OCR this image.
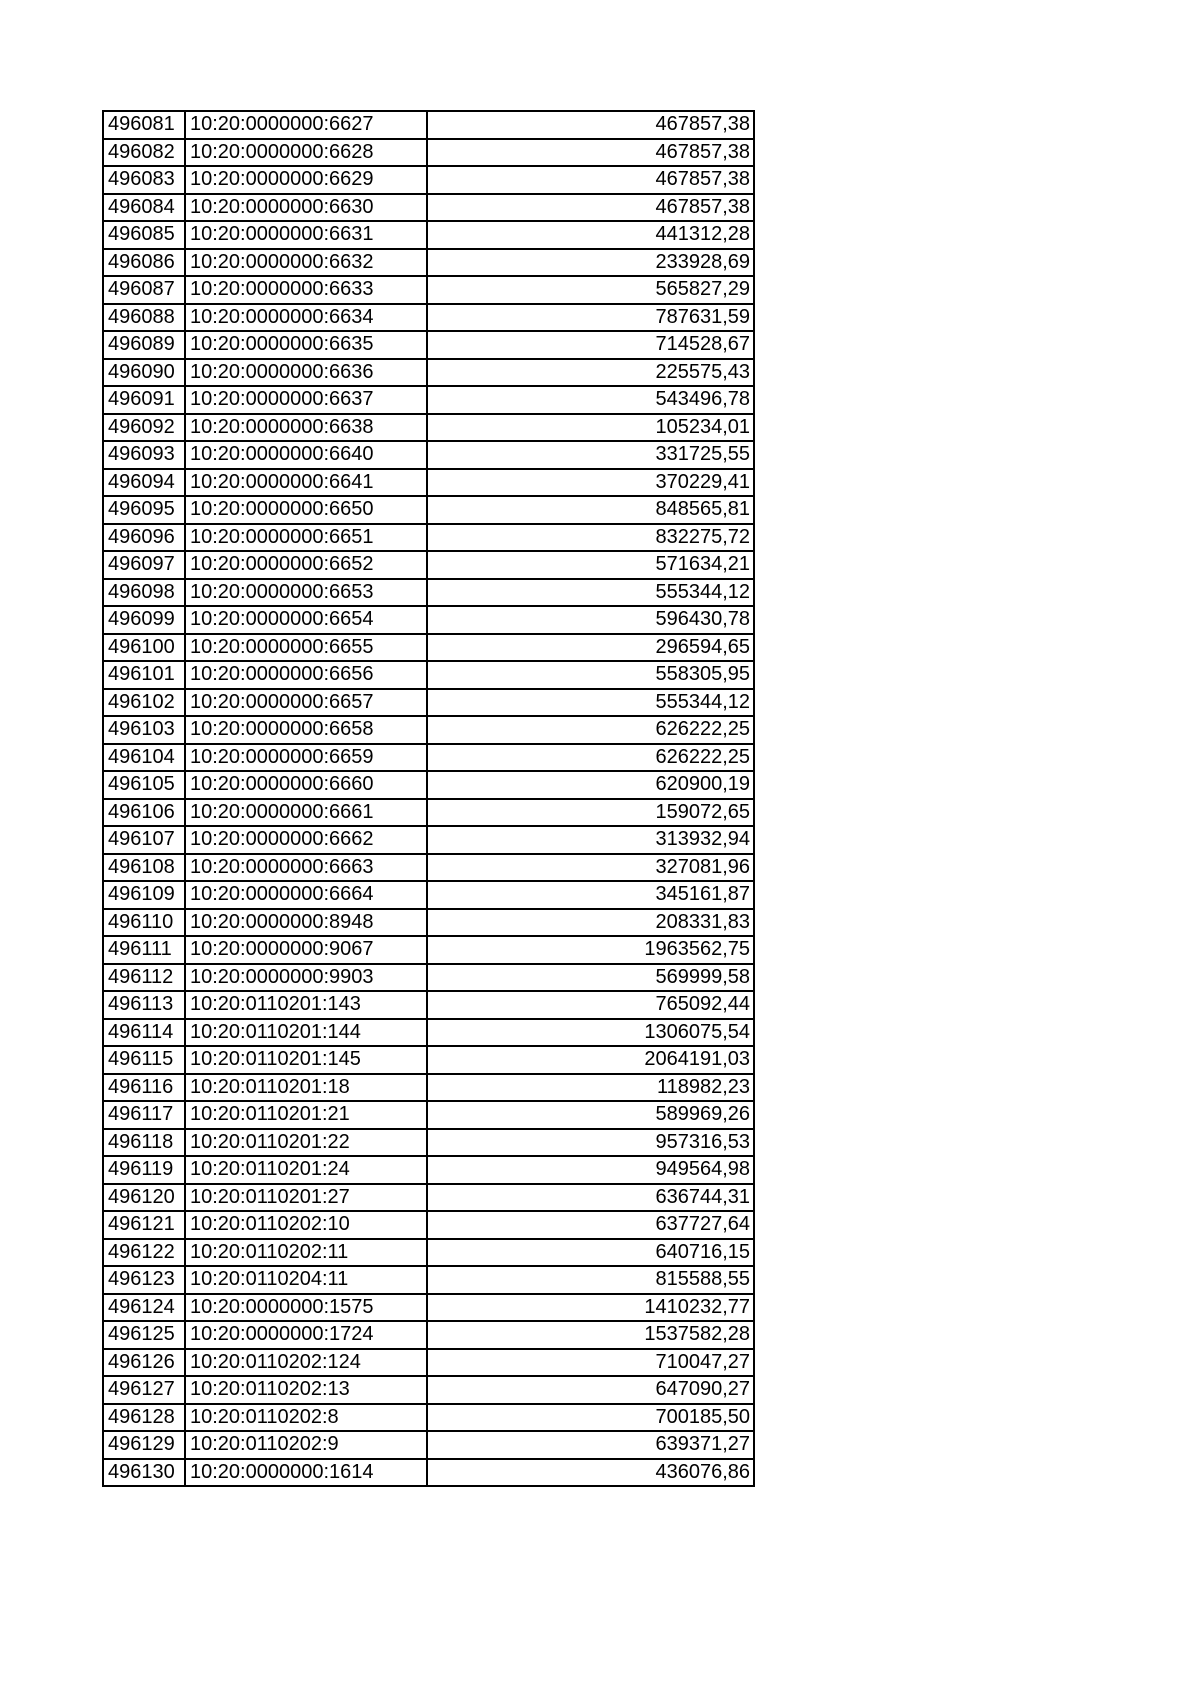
496081	10:20:0000000:6627	467857,38
496082	10:20:0000000:6628	467857,38
496083	10:20:0000000:6629	467857,38
496084	10:20:0000000:6630	467857,38
496085	10:20:0000000:6631	441312,28
496086	10:20:0000000:6632	233928,69
496087	10:20:0000000:6633	565827,29
496088	10:20:0000000:6634	787631,59
496089	10:20:0000000:6635	714528,67
496090	10:20:0000000:6636	225575,43
496091	10:20:0000000:6637	543496,78
496092	10:20:0000000:6638	105234,01
496093	10:20:0000000:6640	331725,55
496094	10:20:0000000:6641	370229,41
496095	10:20:0000000:6650	848565,81
496096	10:20:0000000:6651	832275,72
496097	10:20:0000000:6652	571634,21
496098	10:20:0000000:6653	555344,12
496099	10:20:0000000:6654	596430,78
496100	10:20:0000000:6655	296594,65
496101	10:20:0000000:6656	558305,95
496102	10:20:0000000:6657	555344,12
496103	10:20:0000000:6658	626222,25
496104	10:20:0000000:6659	626222,25
496105	10:20:0000000:6660	620900,19
496106	10:20:0000000:6661	159072,65
496107	10:20:0000000:6662	313932,94
496108	10:20:0000000:6663	327081,96
496109	10:20:0000000:6664	345161,87
496110	10:20:0000000:8948	208331,83
496111	10:20:0000000:9067	1963562,75
496112	10:20:0000000:9903	569999,58
496113	10:20:0110201:143	765092,44
496114	10:20:0110201:144	1306075,54
496115	10:20:0110201:145	2064191,03
496116	10:20:0110201:18	118982,23
496117	10:20:0110201:21	589969,26
496118	10:20:0110201:22	957316,53
496119	10:20:0110201:24	949564,98
496120	10:20:0110201:27	636744,31
496121	10:20:0110202:10	637727,64
496122	10:20:0110202:11	640716,15
496123	10:20:0110204:11	815588,55
496124	10:20:0000000:1575	1410232,77
496125	10:20:0000000:1724	1537582,28
496126	10:20:0110202:124	710047,27
496127	10:20:0110202:13	647090,27
496128	10:20:0110202:8	700185,50
496129	10:20:0110202:9	639371,27
496130	10:20:0000000:1614	436076,86
